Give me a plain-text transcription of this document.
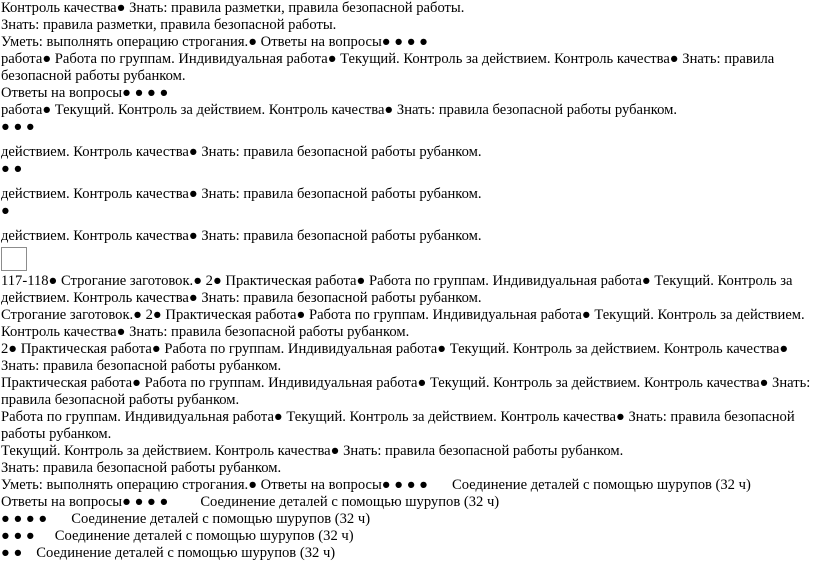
Контроль качества● Знать: правила разметки, правила безопасной работы.
Знать: правила разметки, правила безопасной работы.
Уметь: выполнять операцию строгания.● Ответы на вопросы● ● ● ●
работа● Работа по группам. Индивидуальная работа● Текущий. Контроль за действием. Контроль качества● Знать: правила безопасной работы рубанком.
Ответы на вопросы● ● ● ●
работа● Текущий. Контроль за действием. Контроль качества● Знать: правила безопасной работы рубанком.
● ● ●
действием. Контроль качества● Знать: правила безопасной работы рубанком.
● ●
действием. Контроль качества● Знать: правила безопасной работы рубанком.
●
действием. Контроль качества● Знать: правила безопасной работы рубанком.
117-118● Строгание заготовок.● 2● Практическая работа● Работа по группам. Индивидуальная работа● Текущий. Контроль за действием. Контроль качества● Знать: правила безопасной работы рубанком.
Строгание заготовок.● 2● Практическая работа● Работа по группам. Индивидуальная работа● Текущий. Контроль за действием. Контроль качества● Знать: правила безопасной работы рубанком.
2● Практическая работа● Работа по группам. Индивидуальная работа● Текущий. Контроль за действием. Контроль качества● Знать: правила безопасной работы рубанком.
Практическая работа● Работа по группам. Индивидуальная работа● Текущий. Контроль за действием. Контроль качества● Знать: правила безопасной работы рубанком.
Работа по группам. Индивидуальная работа● Текущий. Контроль за действием. Контроль качества● Знать: правила безопасной работы рубанком.
Текущий. Контроль за действием. Контроль качества● Знать: правила безопасной работы рубанком.
Знать: правила безопасной работы рубанком.
Уметь: выполнять операцию строгания.● Ответы на вопросы● ● ● ● Соединение деталей с помощью шурупов (32 ч)
Ответы на вопросы● ● ● ● Соединение деталей с помощью шурупов (32 ч)
● ● ● ● Соединение деталей с помощью шурупов (32 ч)
● ● ● Соединение деталей с помощью шурупов (32 ч)
● ● Соединение деталей с помощью шурупов (32 ч)
